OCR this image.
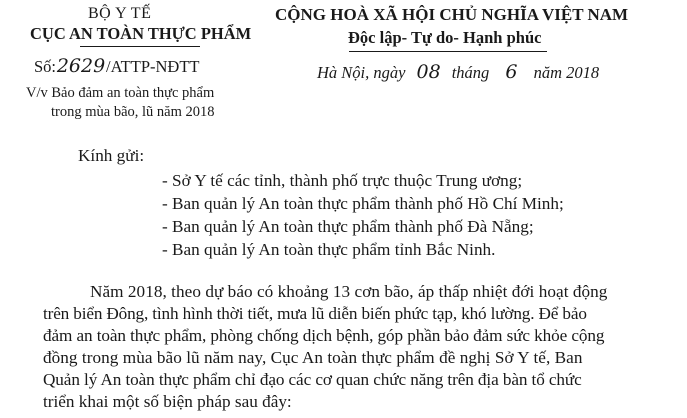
BỘ Y TẾ
CỤC AN TOÀN THỰC PHẨM
Số:2629/ATTP-NĐTT
V/v Bảo đảm an toàn thực phẩm
trong mùa bão, lũ năm 2018
CỘNG HOÀ XÃ HỘI CHỦ NGHĨA VIỆT NAM
Độc lập- Tự do- Hạnh phúc
Hà Nội, ngày 08 tháng 6 năm 2018
Kính gửi:
- Sở Y tế các tỉnh, thành phố trực thuộc Trung ương;
- Ban quản lý An toàn thực phẩm thành phố Hồ Chí Minh;
- Ban quản lý An toàn thực phẩm thành phố Đà Nẵng;
- Ban quản lý An toàn thực phẩm tỉnh Bắc Ninh.
Năm 2018, theo dự báo có khoảng 13 cơn bão, áp thấp nhiệt đới hoạt động
trên biển Đông, tình hình thời tiết, mưa lũ diễn biến phức tạp, khó lường. Để bảo
đảm an toàn thực phẩm, phòng chống dịch bệnh, góp phần bảo đảm sức khỏe cộng
đồng trong mùa bão lũ năm nay, Cục An toàn thực phẩm đề nghị Sở Y tế, Ban
Quản lý An toàn thực phẩm chỉ đạo các cơ quan chức năng trên địa bàn tổ chức
triển khai một số biện pháp sau đây:
